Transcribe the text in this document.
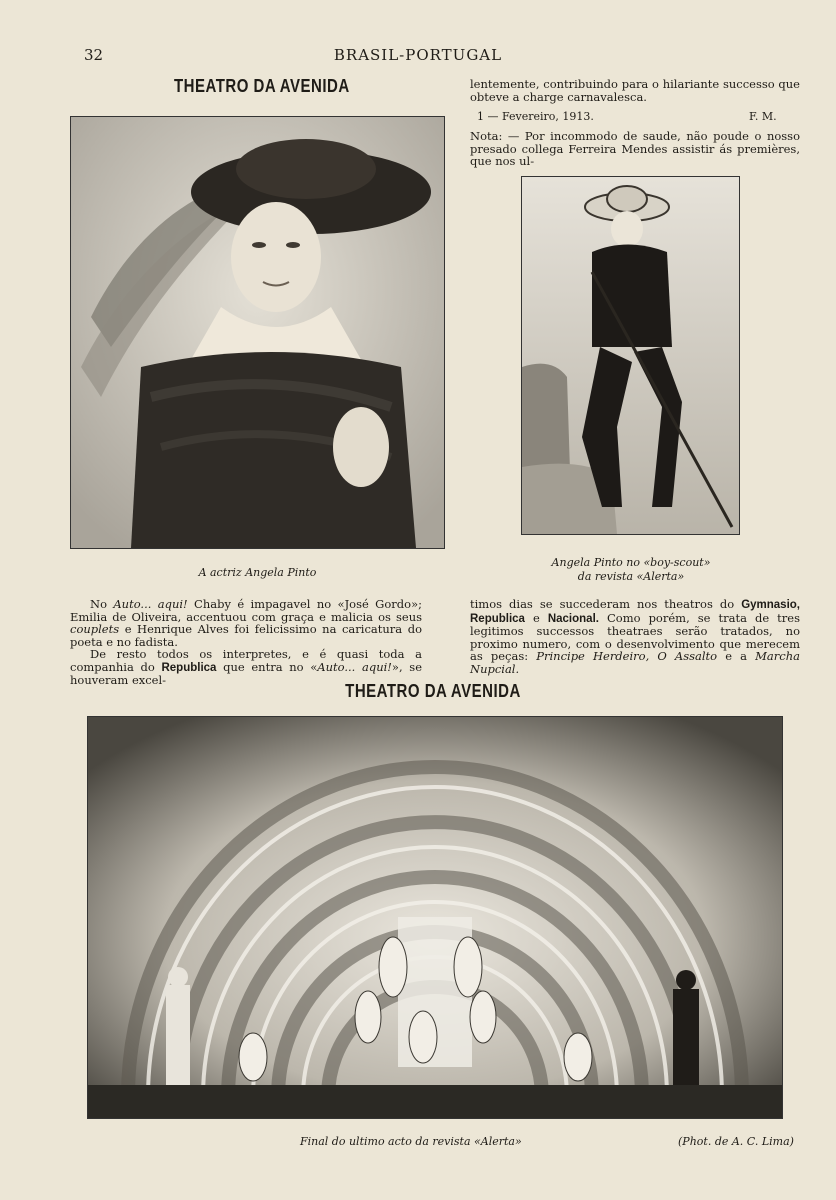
32	BRASIL-PORTUGAL
THEATRO DA AVENIDA	lentemente, contribuindo para o hilariante successo que obteve a charge carnavalesca.
1 — Fevereiro, 1913.	F. M.
Nota: — Por incommodo de saude, não poude o nosso presado collega Ferreira Mendes assistir ás premières, que nos ul-
A actriz Angela Pinto
Angela Pinto no «boy-scout»
da revista «Alerta»
No Auto... aqui! Chaby é impagavel no «José Gordo»; Emilia de Oliveira, accentuou com graça e malicia os seus couplets e Henrique Alves foi felicissimo na caricatura do poeta e no fadista.
De resto todos os interpretes, e é quasi toda a companhia do Republica que entra no «Auto... aqui!», se houveram excel-
timos dias se succederam nos theatros do Gymnasio, Republica e Nacional. Como porém, se trata de tres legitimos successos theatraes serão tratados, no proximo numero, com o desenvolvimento que merecem as peças: Principe Herdeiro, O Assalto e a Marcha Nupcial.
THEATRO DA AVENIDA
Final do ultimo acto da revista «Alerta»	(Phot. de A. C. Lima)
